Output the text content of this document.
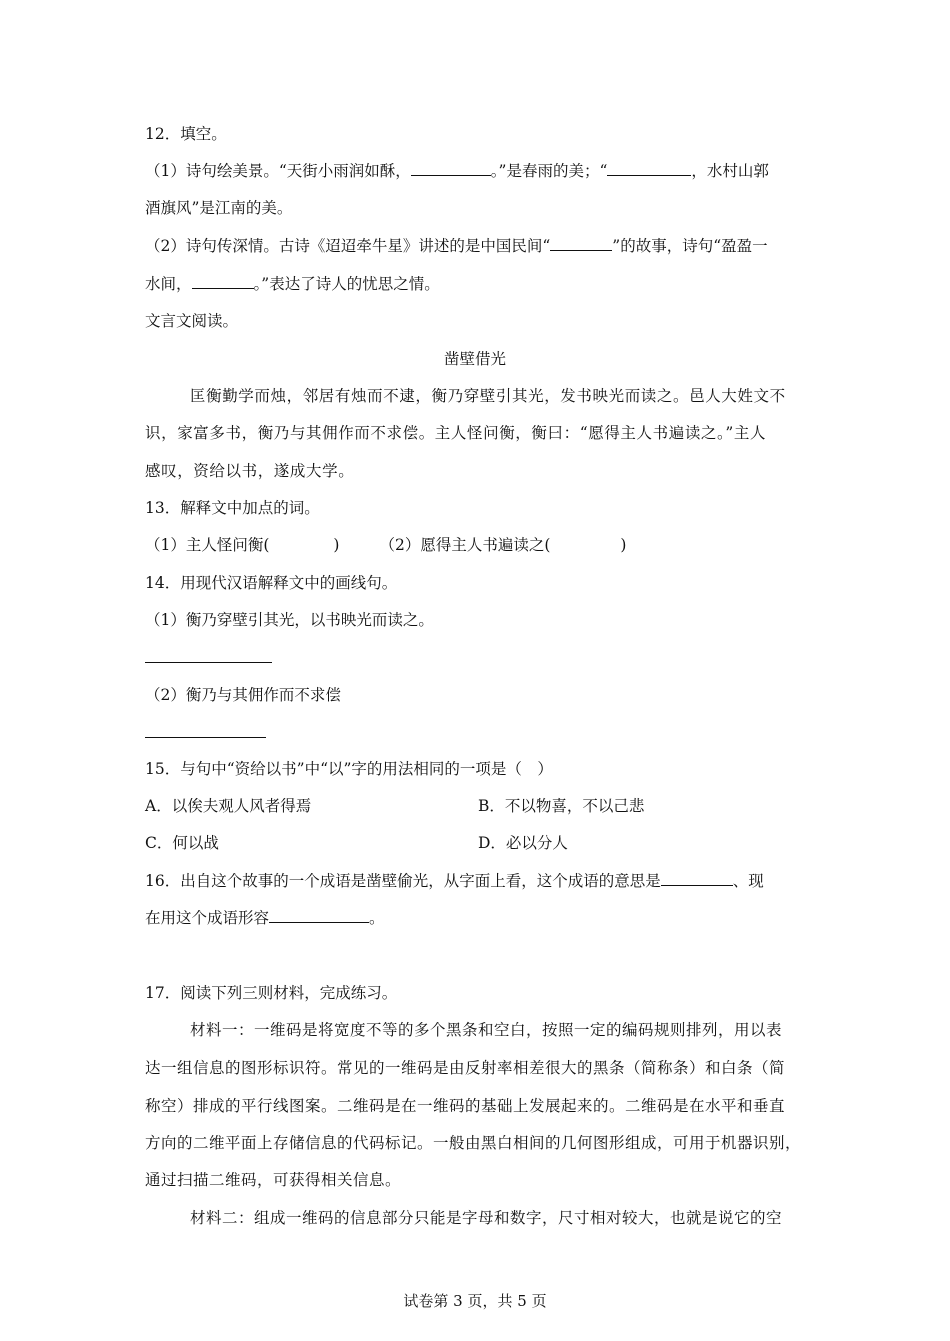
12．填空。
（1）诗句绘美景。“天街小雨润如酥，	。”是春雨的美；“	，水村山郭
酒旗风”是江南的美。
（2）诗句传深情。古诗《迢迢牵牛星》讲述的是中国民间“	”的故事，诗句“盈盈一
水间，	。”表达了诗人的忧思之情。
文言文阅读。
凿壁借光
匡衡勤学而烛，邻居有烛而不逮，衡乃穿壁引其光，发书映光而读之。邑人大姓文不
识，家富多书，衡乃与其佣作而不求偿。主人怪问衡，衡曰：“愿得主人书遍读之。”主人
感叹，资给以书，遂成大学。
13．解释文中加点的词。
（1）主人怪问衡(	)	（2）愿得主人书遍读之(	)
14．用现代汉语解释文中的画线句。
（1）衡乃穿壁引其光，以书映光而读之。
（2）衡乃与其佣作而不求偿
15．与句中“资给以书”中“以”字的用法相同的一项是（　）
A．以俟夫观人风者得焉	B．不以物喜，不以己悲
C．何以战	D．必以分人
16．出自这个故事的一个成语是凿壁偷光，从字面上看，这个成语的意思是	、现
在用这个成语形容	。
17．阅读下列三则材料，完成练习。
材料一：一维码是将宽度不等的多个黑条和空白，按照一定的编码规则排列，用以表
达一组信息的图形标识符。常见的一维码是由反射率相差很大的黑条（简称条）和白条（简
称空）排成的平行线图案。二维码是在一维码的基础上发展起来的。二维码是在水平和垂直
方向的二维平面上存储信息的代码标记。一般由黑白相间的几何图形组成，可用于机器识别，
通过扫描二维码，可获得相关信息。
材料二：组成一维码的信息部分只能是字母和数字，尺寸相对较大，也就是说它的空
试卷第 3 页，共 5 页
